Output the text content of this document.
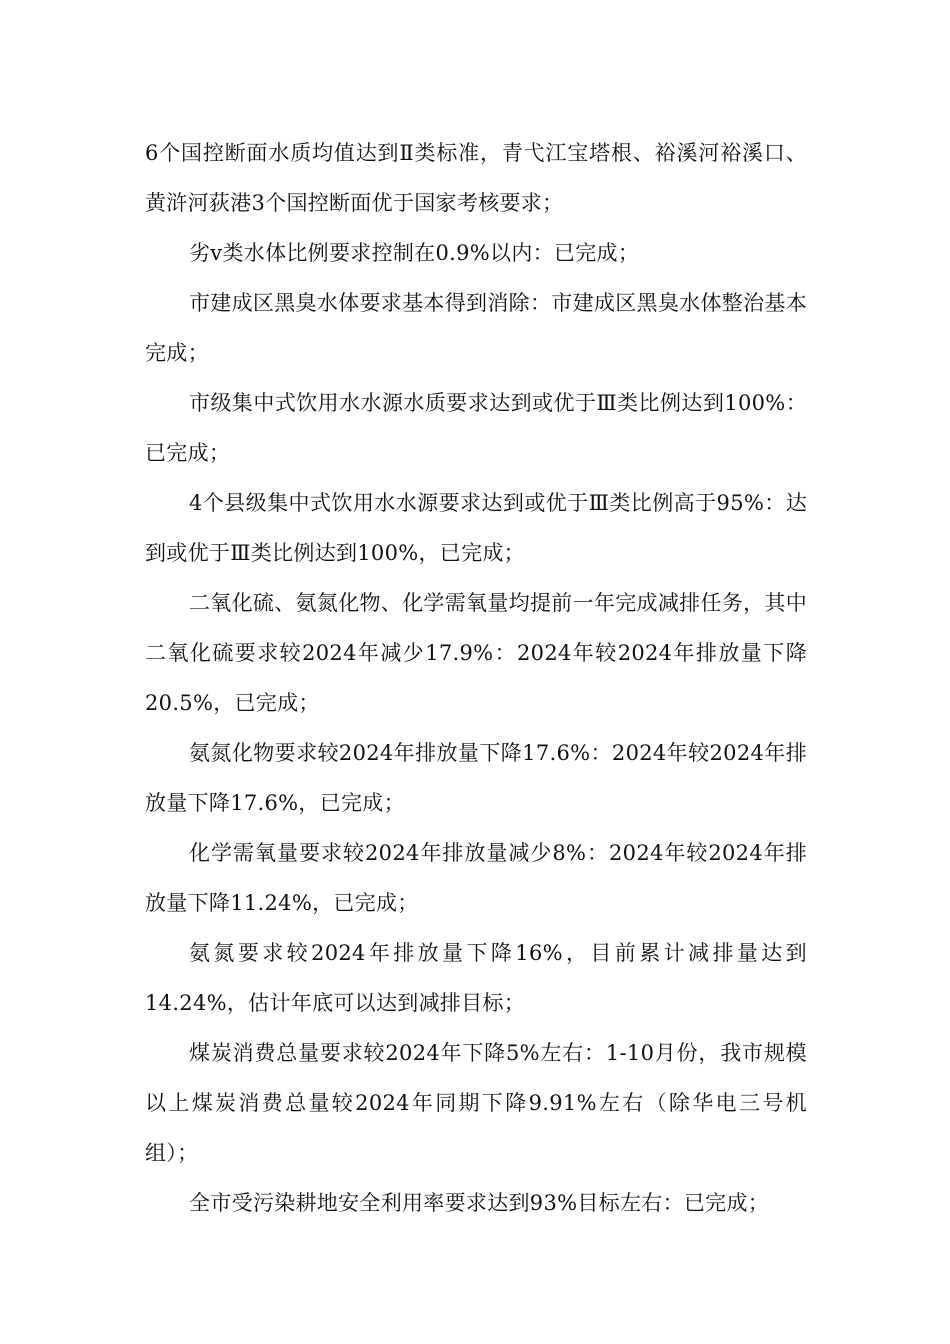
6个国控断面水质均值达到Ⅱ类标准，青弋江宝塔根、裕溪河裕溪口、黄浒河荻港3个国控断面优于国家考核要求；

劣ⅴ类水体比例要求控制在0.9%以内：已完成；

市建成区黑臭水体要求基本得到消除：市建成区黑臭水体整治基本完成；

市级集中式饮用水水源水质要求达到或优于Ⅲ类比例达到100%：已完成；

4个县级集中式饮用水水源要求达到或优于Ⅲ类比例高于95%：达到或优于Ⅲ类比例达到100%，已完成；

二氧化硫、氨氮化物、化学需氧量均提前一年完成减排任务，其中二氧化硫要求较2024年减少17.9%：2024年较2024年排放量下降20.5%，已完成；

氨氮化物要求较2024年排放量下降17.6%：2024年较2024年排放量下降17.6%，已完成；

化学需氧量要求较2024年排放量减少8%：2024年较2024年排放量下降11.24%，已完成；

氨氮要求较2024年排放量下降16%，目前累计减排量达到14.24%，估计年底可以达到减排目标；

煤炭消费总量要求较2024年下降5%左右：1-10月份，我市规模以上煤炭消费总量较2024年同期下降9.91%左右（除华电三号机组）；

全市受污染耕地安全利用率要求达到93%目标左右：已完成；
